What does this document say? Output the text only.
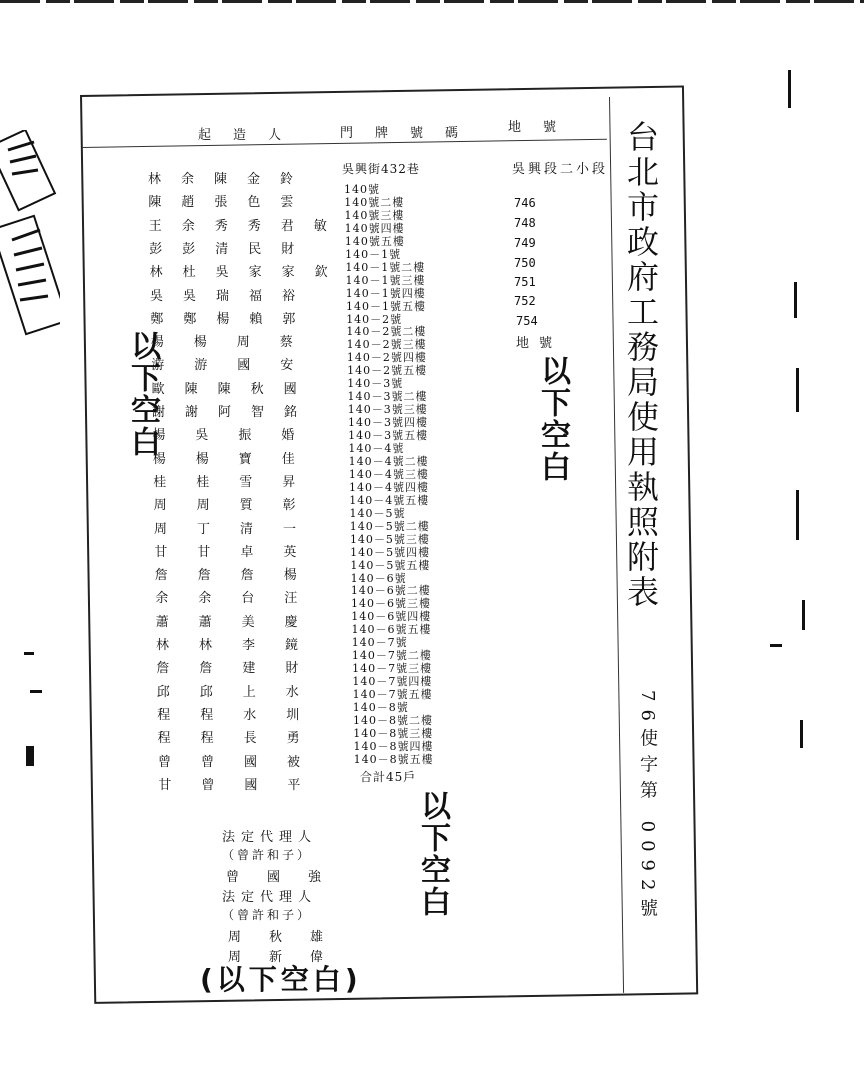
起造人	門牌號碼 地號 台北市政府工務局使用執照附表
76使字第 0092號
吳興段二小段
746
748
749
750
751
752
754
地號
以下空白
吳興街432巷
140號
140號二樓
140號三樓
140號四樓
140號五樓
140－1號
140－1號二樓
140－1號三樓
140－1號四樓
140－1號五樓
140－2號
140－2號二樓
140－2號三樓
140－2號四樓
140－2號五樓
140－3號
140－3號二樓
140－3號三樓
140－3號四樓
140－3號五樓
140－4號
140－4號二樓
140－4號三樓
140－4號四樓
140－4號五樓
140－5號
140－5號二樓
140－5號三樓
140－5號四樓
140－5號五樓
140－6號
140－6號二樓
140－6號三樓
140－6號四樓
140－6號五樓
140－7號
140－7號二樓
140－7號三樓
140－7號四樓
140－7號五樓
140－8號
140－8號二樓
140－8號三樓
140－8號四樓
140－8號五樓
合計45戶
以下空白
林余陳金鈴
陳趙張色雲
王余秀秀君敏
彭彭清民財
林杜吳家家欽
吳吳瑞福裕
鄭鄭楊賴郭
楊楊周蔡
游游國安
歐陳陳秋國
謝謝阿智銘
楊吳振婚
楊楊寶佳
桂桂雪昇
周周質彰
周丁清一
甘甘卓英
詹詹詹楊
余余台汪
蕭蕭美慶
林林李鏡
詹詹建財
邱邱上水
程程水圳
程程長勇
曾曾國被
甘曾國平
法定代理人
（曾許和子）
曾國強
法定代理人
（曾許和子）
周秋雄
周新偉
(以下空白)
以下空白
